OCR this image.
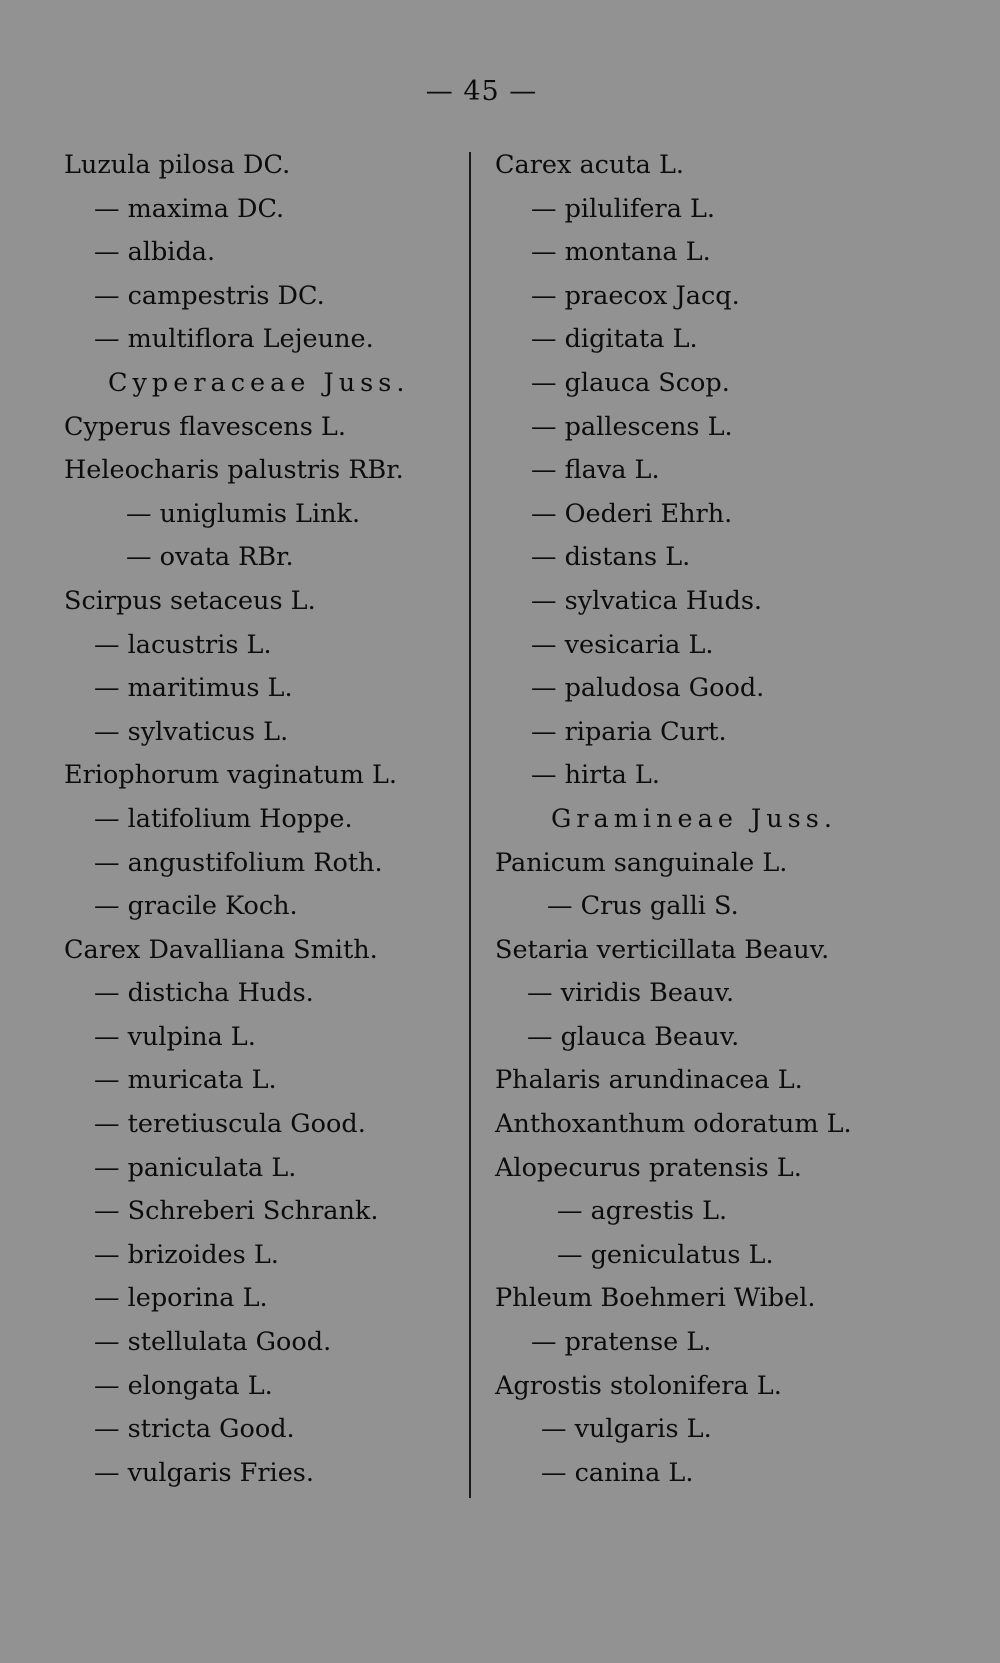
— 45 —
Luzula pilosa DC.
— maxima DC.
— albida.
— campestris DC.
— multiflora Lejeune.
Cyperaceae Juss.
Cyperus flavescens L.
Heleocharis palustris RBr.
— uniglumis Link.
— ovata RBr.
Scirpus setaceus L.
— lacustris L.
— maritimus L.
— sylvaticus L.
Eriophorum vaginatum L.
— latifolium Hoppe.
— angustifolium Roth.
— gracile Koch.
Carex Davalliana Smith.
— disticha Huds.
— vulpina L.
— muricata L.
— teretiuscula Good.
— paniculata L.
— Schreberi Schrank.
— brizoides L.
— leporina L.
— stellulata Good.
— elongata L.
— stricta Good.
— vulgaris Fries.
Carex acuta L.
— pilulifera L.
— montana L.
— praecox Jacq.
— digitata L.
— glauca Scop.
— pallescens L.
— flava L.
— Oederi Ehrh.
— distans L.
— sylvatica Huds.
— vesicaria L.
— paludosa Good.
— riparia Curt.
— hirta L.
Gramineae Juss.
Panicum sanguinale L.
— Crus galli S.
Setaria verticillata Beauv.
— viridis Beauv.
— glauca Beauv.
Phalaris arundinacea L.
Anthoxanthum odoratum L.
Alopecurus pratensis L.
— agrestis L.
— geniculatus L.
Phleum Boehmeri Wibel.
— pratense L.
Agrostis stolonifera L.
— vulgaris L.
— canina L.
